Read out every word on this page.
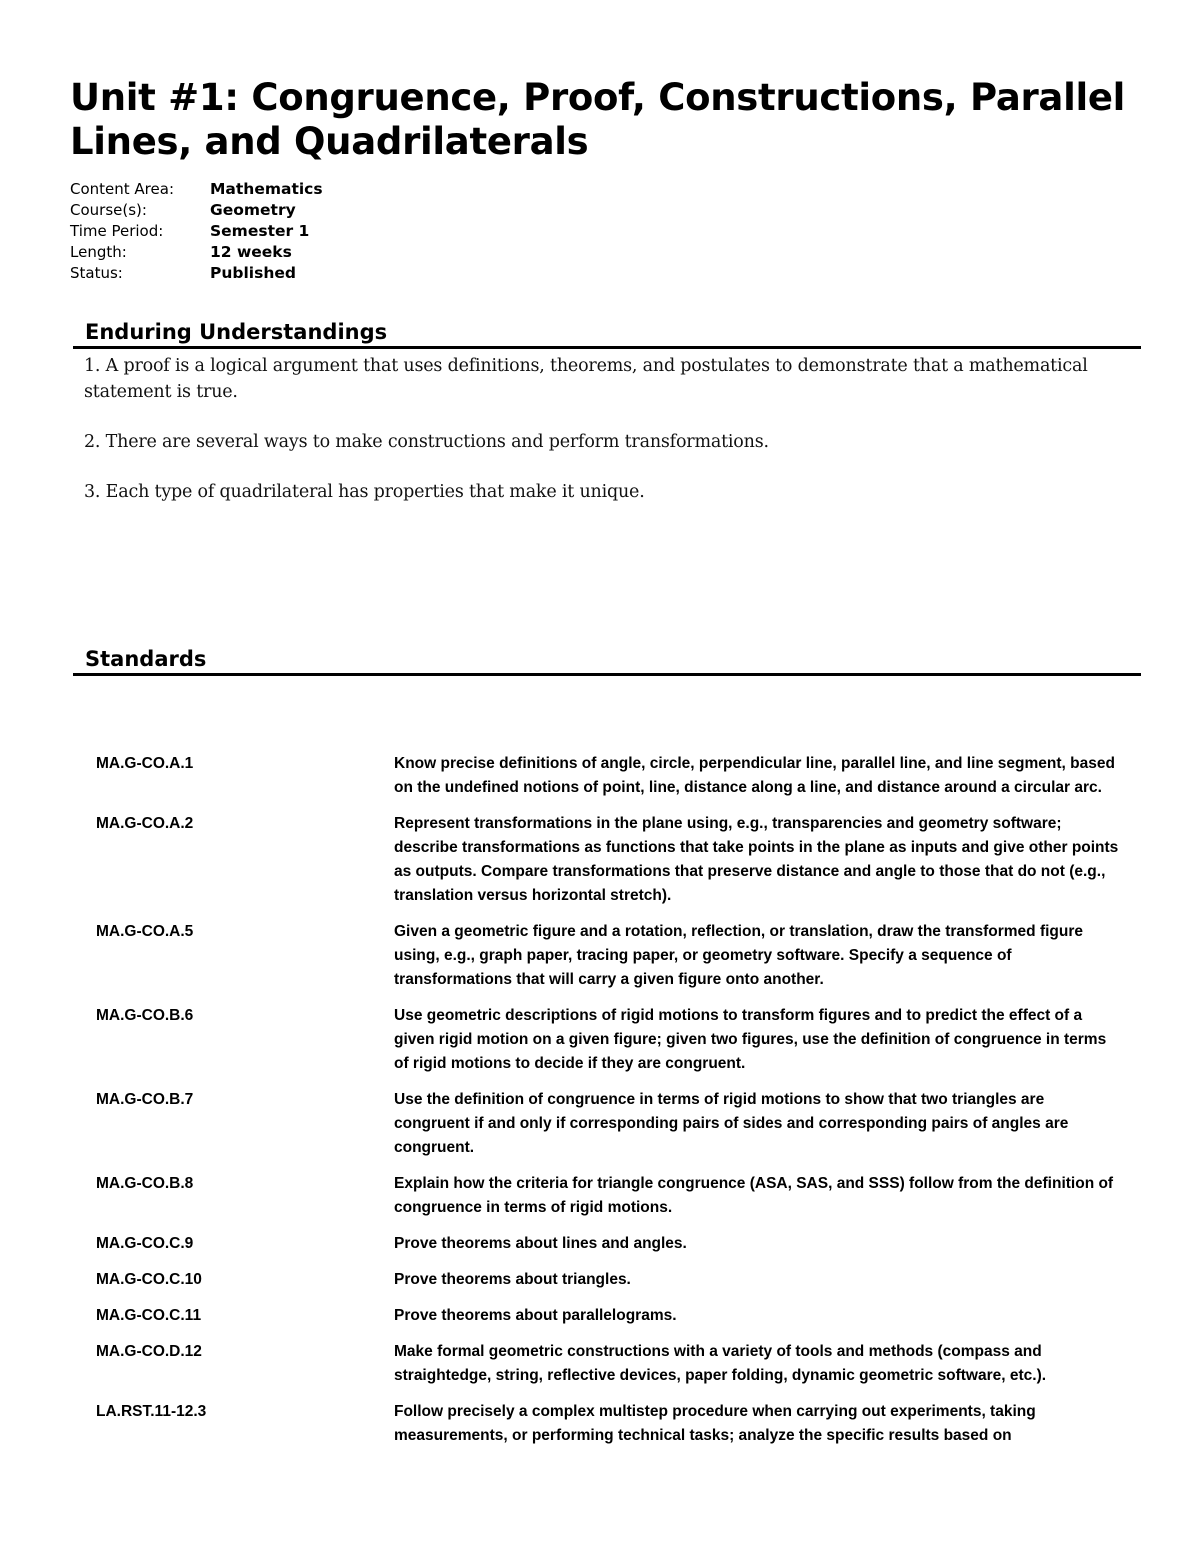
Unit #1: Congruence, Proof, Constructions, Parallel Lines, and Quadrilaterals
Content Area:	Mathematics
Course(s):	Geometry
Time Period:	Semester 1
Length:	12 weeks
Status:	Published
Enduring Understandings

1. A proof is a logical argument that uses definitions, theorems, and postulates to demonstrate that a mathematical statement is true.

2. There are several ways to make constructions and perform transformations.

3. Each type of quadrilateral has properties that make it unique.

Standards
MA.G-CO.A.1	Know precise definitions of angle, circle, perpendicular line, parallel line, and line segment, based on the undefined notions of point, line, distance along a line, and distance around a circular arc.
MA.G-CO.A.2	Represent transformations in the plane using, e.g., transparencies and geometry software; describe transformations as functions that take points in the plane as inputs and give other points as outputs. Compare transformations that preserve distance and angle to those that do not (e.g., translation versus horizontal stretch).
MA.G-CO.A.5	Given a geometric figure and a rotation, reflection, or translation, draw the transformed figure using, e.g., graph paper, tracing paper, or geometry software. Specify a sequence of transformations that will carry a given figure onto another.
MA.G-CO.B.6	Use geometric descriptions of rigid motions to transform figures and to predict the effect of a given rigid motion on a given figure; given two figures, use the definition of congruence in terms of rigid motions to decide if they are congruent.
MA.G-CO.B.7	Use the definition of congruence in terms of rigid motions to show that two triangles are congruent if and only if corresponding pairs of sides and corresponding pairs of angles are congruent.
MA.G-CO.B.8	Explain how the criteria for triangle congruence (ASA, SAS, and SSS) follow from the definition of congruence in terms of rigid motions.
MA.G-CO.C.9	Prove theorems about lines and angles.
MA.G-CO.C.10	Prove theorems about triangles.
MA.G-CO.C.11	Prove theorems about parallelograms.
MA.G-CO.D.12	Make formal geometric constructions with a variety of tools and methods (compass and straightedge, string, reflective devices, paper folding, dynamic geometric software, etc.).
LA.RST.11-12.3	Follow precisely a complex multistep procedure when carrying out experiments, taking measurements, or performing technical tasks; analyze the specific results based on
